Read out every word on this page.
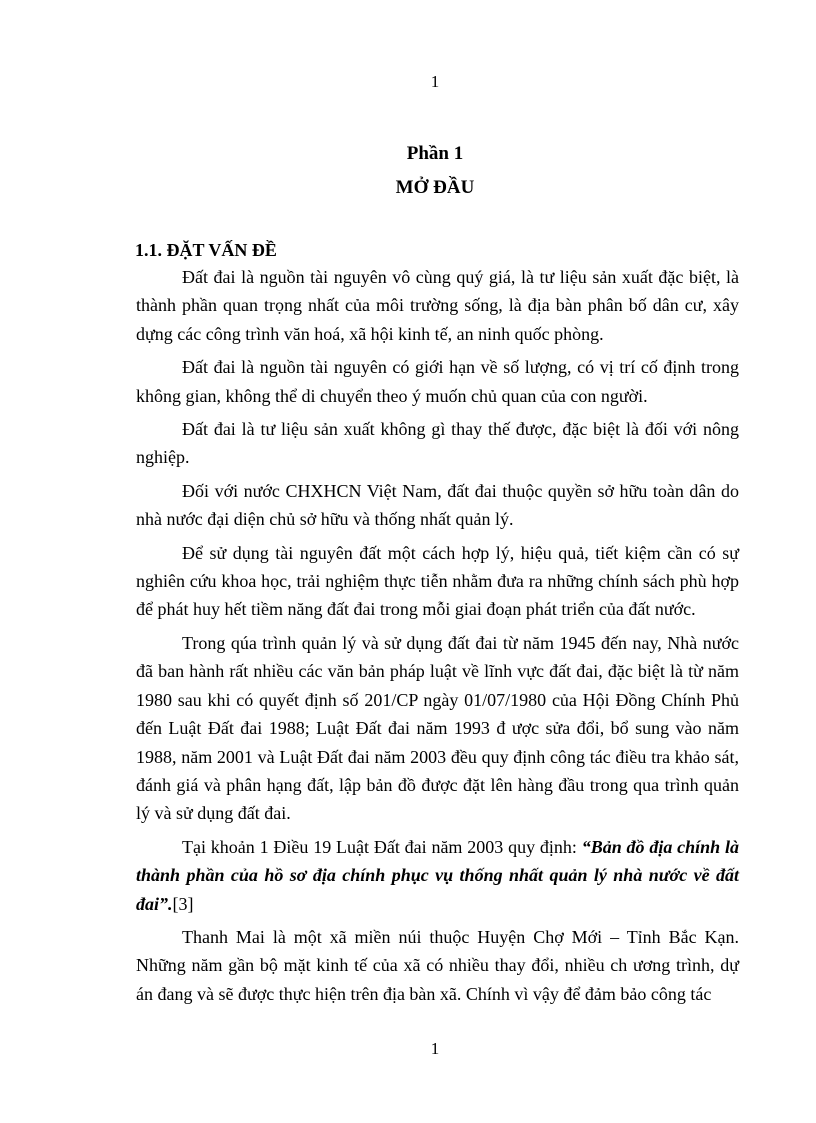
1
Phần 1
MỞ ĐẦU
1.1. ĐẶT VẤN ĐỀ

Đất đai là nguồn tài nguyên vô cùng quý giá, là tư liệu sản xuất đặc biệt, là thành phần quan trọng nhất của môi trường sống, là địa bàn phân bố dân cư, xây dựng các công trình văn hoá, xã hội kinh tế, an ninh quốc phòng.

Đất đai là nguồn tài nguyên có giới hạn về số lượng, có vị trí cố định trong không gian, không thể di chuyển theo ý muốn chủ quan của con người.

Đất đai là tư liệu sản xuất không gì thay thế được, đặc biệt là đối với nông nghiệp.

Đối với nước CHXHCN Việt Nam, đất đai thuộc quyền sở hữu toàn dân do nhà nước đại diện chủ sở hữu và thống nhất quản lý.

Để sử dụng tài nguyên đất một cách hợp lý, hiệu quả, tiết kiệm cần có sự nghiên cứu khoa học, trải nghiệm thực tiễn nhằm đưa ra những chính sách phù hợp để phát huy hết tiềm năng đất đai trong mỗi giai đoạn phát triển của đất nước.

Trong qúa trình quản lý và sử dụng đất đai từ năm 1945 đến nay, Nhà nước đã ban hành rất nhiều các văn bản pháp luật về lĩnh vực đất đai, đặc biệt là từ năm 1980 sau khi có quyết định số 201/CP ngày 01/07/1980 của Hội Đồng Chính Phủ đến Luật Đất đai 1988; Luật Đất đai năm 1993 đ ược sửa đổi, bổ sung vào năm 1988, năm 2001 và Luật Đất đai năm 2003 đều quy định công tác điều tra khảo sát, đánh giá và phân hạng đất, lập bản đồ được đặt lên hàng đầu trong qua trình quản lý và sử dụng đất đai.

Tại khoản 1 Điều 19 Luật Đất đai năm 2003 quy định: “Bản đồ địa chính là thành phần của hồ sơ địa chính phục vụ thống nhất quản lý nhà nước về đất đai”.[3]

Thanh Mai là một xã miền núi thuộc Huyện Chợ Mới – Tỉnh Bắc Kạn. Những năm gần bộ mặt kinh tế của xã có nhiều thay đổi, nhiều ch ương trình, dự án đang và sẽ được thực hiện trên địa bàn xã. Chính vì vậy để đảm bảo công tác

1
